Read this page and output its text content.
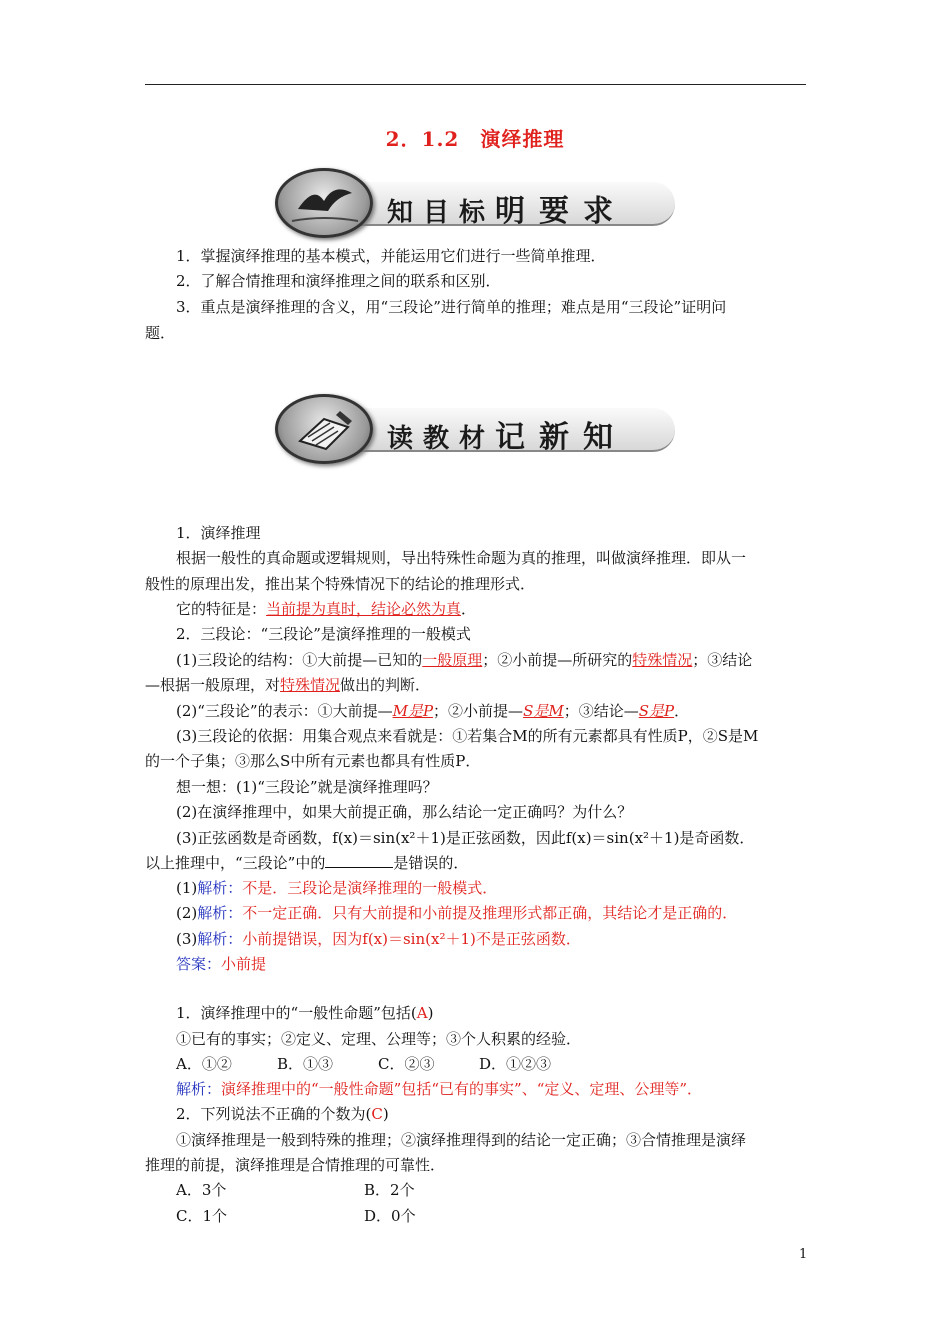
2．1.2　演绎推理
知目标明要求
1．掌握演绎推理的基本模式，并能运用它们进行一些简单推理．
2．了解合情推理和演绎推理之间的联系和区别．
3．重点是演绎推理的含义，用“三段论”进行简单的推理；难点是用“三段论”证明问
题．
读教材记新知
1．演绎推理
根据一般性的真命题或逻辑规则，导出特殊性命题为真的推理，叫做演绎推理．即从一
般性的原理出发，推出某个特殊情况下的结论的推理形式．
它的特征是：当前提为真时，结论必然为真．
2．三段论：“三段论”是演绎推理的一般模式
(1)三段论的结构：①大前提—已知的一般原理；②小前提—所研究的特殊情况；③结论
—根据一般原理，对特殊情况做出的判断．
(2)“三段论”的表示：①大前提—M是P；②小前提—S是M；③结论—S是P．
(3)三段论的依据：用集合观点来看就是：①若集合M的所有元素都具有性质P，②S是M
的一个子集；③那么S中所有元素也都具有性质P．
想一想：(1)“三段论”就是演绎推理吗？
(2)在演绎推理中，如果大前提正确，那么结论一定正确吗？为什么？
(3)正弦函数是奇函数，f(x)＝sin(x²＋1)是正弦函数，因此f(x)＝sin(x²＋1)是奇函数．
以上推理中，“三段论”中的	是错误的．
(1)解析：不是．三段论是演绎推理的一般模式．
(2)解析：不一定正确．只有大前提和小前提及推理形式都正确，其结论才是正确的．
(3)解析：小前提错误，因为f(x)＝sin(x²＋1)不是正弦函数．
答案：小前提
1．演绎推理中的“一般性命题”包括(A)
①已有的事实；②定义、定理、公理等；③个人积累的经验．
A．①②	B．①③	C．②③	D．①②③
解析：演绎推理中的“一般性命题”包括“已有的事实”、“定义、定理、公理等”．
2．下列说法不正确的个数为(C)
①演绎推理是一般到特殊的推理；②演绎推理得到的结论一定正确；③合情推理是演绎
推理的前提，演绎推理是合情推理的可靠性．
A．3个	B．2个
C．1个	D．0个
1
